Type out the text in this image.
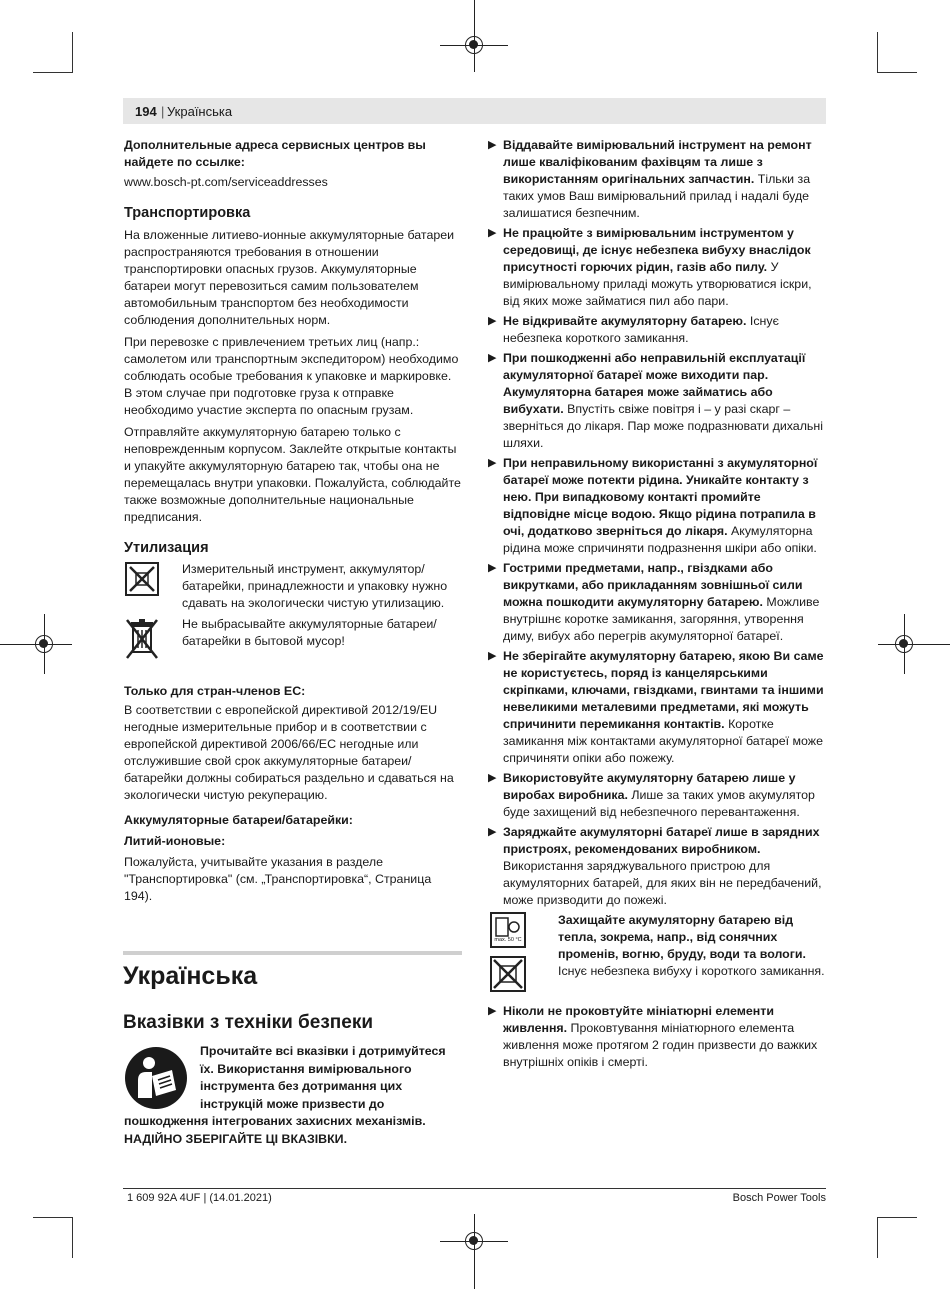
194 | Українська

Дополнительные адреса сервисных центров вы найдете по ссылке:

www.bosch-pt.com/serviceaddresses

Транспортировка

На вложенные литиево-ионные аккумуляторные батареи распространяются требования в отношении транспортировки опасных грузов. Аккумуляторные батареи могут перевозиться самим пользователем автомобильным транспортом без необходимости соблюдения дополнительных норм.

При перевозке с привлечением третьих лиц (напр.: самолетом или транспортным экспедитором) необходимо соблюдать особые требования к упаковке и маркировке. В этом случае при подготовке груза к отправке необходимо участие эксперта по опасным грузам.

Отправляйте аккумуляторную батарею только с неповрежденным корпусом. Заклейте открытые контакты и упакуйте аккумуляторную батарею так, чтобы она не перемещалась внутри упаковки. Пожалуйста, соблюдайте также возможные дополнительные национальные предписания.

Утилизация

Измерительный инструмент, аккумулятор/ батарейки, принадлежности и упаковку нужно сдавать на экологически чистую утилизацию.

Не выбрасывайте аккумуляторные батареи/батарейки в бытовой мусор!

Только для стран-членов ЕС:

В соответствии с европейской директивой 2012/19/EU негодные измерительные прибор и в соответствии с европейской директивой 2006/66/EC негодные или отслужившие свой срок аккумуляторные батареи/батарейки должны собираться раздельно и сдаваться на экологически чистую рекуперацию.

Аккумуляторные батареи/батарейки:

Литий-ионовые:

Пожалуйста, учитывайте указания в разделе "Транспортировка" (см. „Транспортировка“, Страница 194).

Українська
Вказівки з техніки безпеки
Прочитайте всі вказівки і дотримуйтеся їх. Використання вимірювального інструмента без дотримання цих інструкцій може призвести до пошкодження інтегрованих захисних механізмів. НАДІЙНО ЗБЕРІГАЙТЕ ЦІ ВКАЗІВКИ.
▶ Віддавайте вимірювальний інструмент на ремонт лише кваліфікованим фахівцям та лише з використанням оригінальних запчастин. Тільки за таких умов Ваш вимірювальний прилад і надалі буде залишатися безпечним.
▶ Не працюйте з вимірювальним інструментом у середовищі, де існує небезпека вибуху внаслідок присутності горючих рідин, газів або пилу. У вимірювальному приладі можуть утворюватися іскри, від яких може займатися пил або пари.
▶ Не відкривайте акумуляторну батарею. Існує небезпека короткого замикання.
▶ При пошкодженні або неправильній експлуатації акумуляторної батареї може виходити пар. Акумуляторна батарея може займатись або вибухати. Впустіть свіже повітря і – у разі скарг – зверніться до лікаря. Пар може подразнювати дихальні шляхи.
▶ При неправильному використанні з акумуляторної батареї може потекти рідина. Уникайте контакту з нею. При випадковому контакті промийте відповідне місце водою. Якщо рідина потрапила в очі, додатково зверніться до лікаря. Акумуляторна рідина може спричиняти подразнення шкіри або опіки.
▶ Гострими предметами, напр., гвіздками або викрутками, або прикладанням зовнішньої сили можна пошкодити акумуляторну батарею. Можливе внутрішнє коротке замикання, загоряння, утворення диму, вибух або перегрів акумуляторної батареї.
▶ Не зберігайте акумуляторну батарею, якою Ви саме не користуєтесь, поряд із канцелярськими скріпками, ключами, гвіздками, гвинтами та іншими невеликими металевими предметами, які можуть спричинити перемикання контактів. Коротке замикання між контактами акумуляторної батареї може спричиняти опіки або пожежу.
▶ Використовуйте акумуляторну батарею лише у виробах виробника. Лише за таких умов акумулятор буде захищений від небезпечного перевантаження.
▶ Заряджайте акумуляторні батареї лише в зарядних пристроях, рекомендованих виробником. Використання заряджувального пристрою для акумуляторних батарей, для яких він не передбачений, може призводити до пожежі.
max. 50 °C

Захищайте акумуляторну батарею від тепла, зокрема, напр., від сонячних променів, вогню, бруду, води та вологи. Існує небезпека вибуху і короткого замикання.

▶ Ніколи не проковтуйте мініатюрні елементи живлення. Проковтування мініатюрного елемента живлення може протягом 2 годин призвести до важких внутрішніх опіків і смерті.
1 609 92A 4UF | (14.01.2021)	Bosch Power Tools
